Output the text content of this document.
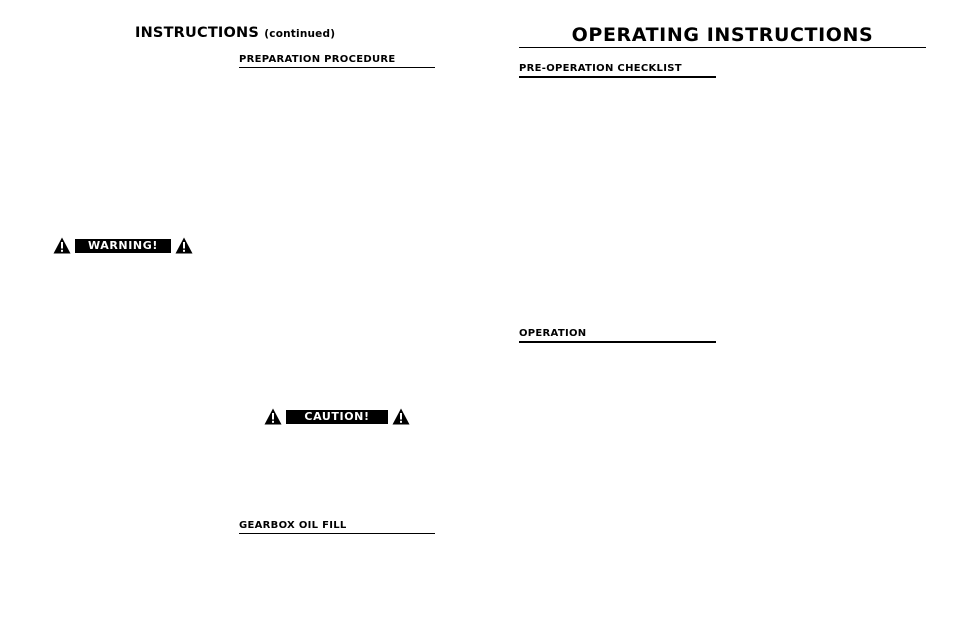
INSTRUCTIONS (continued)
PREPARATION PROCEDURE
WARNING!
CAUTION!
GEARBOX OIL FILL
OPERATING INSTRUCTIONS
PRE-OPERATION CHECKLIST
OPERATION
